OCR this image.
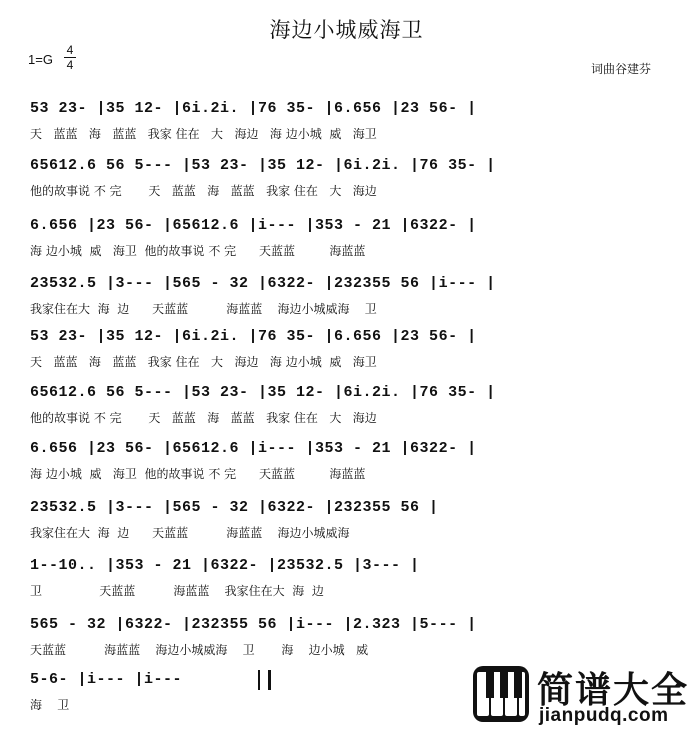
海边小城威海卫
1=G
4
4	词曲谷建芬
53 23- |35 12- |6i.2i. |76 35- |6.656 |23 56- |
天   蓝蓝   海   蓝蓝   我家 住在   大   海边   海 边小城  威   海卫
65612.6 56 5--- |53 23- |35 12- |6i.2i. |76 35- |
他的故事说 不 完       天   蓝蓝   海   蓝蓝   我家 住在   大   海边
6.656 |23 56- |65612.6 |i--- |353 - 21 |6322- |
海 边小城  威   海卫  他的故事说 不 完      天蓝蓝         海蓝蓝
23532.5 |3--- |565 - 32 |6322- |232355 56 |i--- |
我家住在大  海  边      天蓝蓝          海蓝蓝    海边小城威海    卫
53 23- |35 12- |6i.2i. |76 35- |6.656 |23 56- |
天   蓝蓝   海   蓝蓝   我家 住在   大   海边   海 边小城  威   海卫
65612.6 56 5--- |53 23- |35 12- |6i.2i. |76 35- |
他的故事说 不 完       天   蓝蓝   海   蓝蓝   我家 住在   大   海边
6.656 |23 56- |65612.6 |i--- |353 - 21 |6322- |
海 边小城  威   海卫  他的故事说 不 完      天蓝蓝         海蓝蓝
23532.5 |3--- |565 - 32 |6322- |232355 56 |
我家住在大  海  边      天蓝蓝          海蓝蓝    海边小城威海
1--10.. |353 - 21 |6322- |23532.5 |3--- |
卫               天蓝蓝          海蓝蓝    我家住在大  海  边
565 - 32 |6322- |232355 56 |i--- |2.323 |5--- |
天蓝蓝          海蓝蓝    海边小城威海    卫       海    边小城   威
5-6- |i--- |i---
海    卫	简谱大全
jianpudq.com
